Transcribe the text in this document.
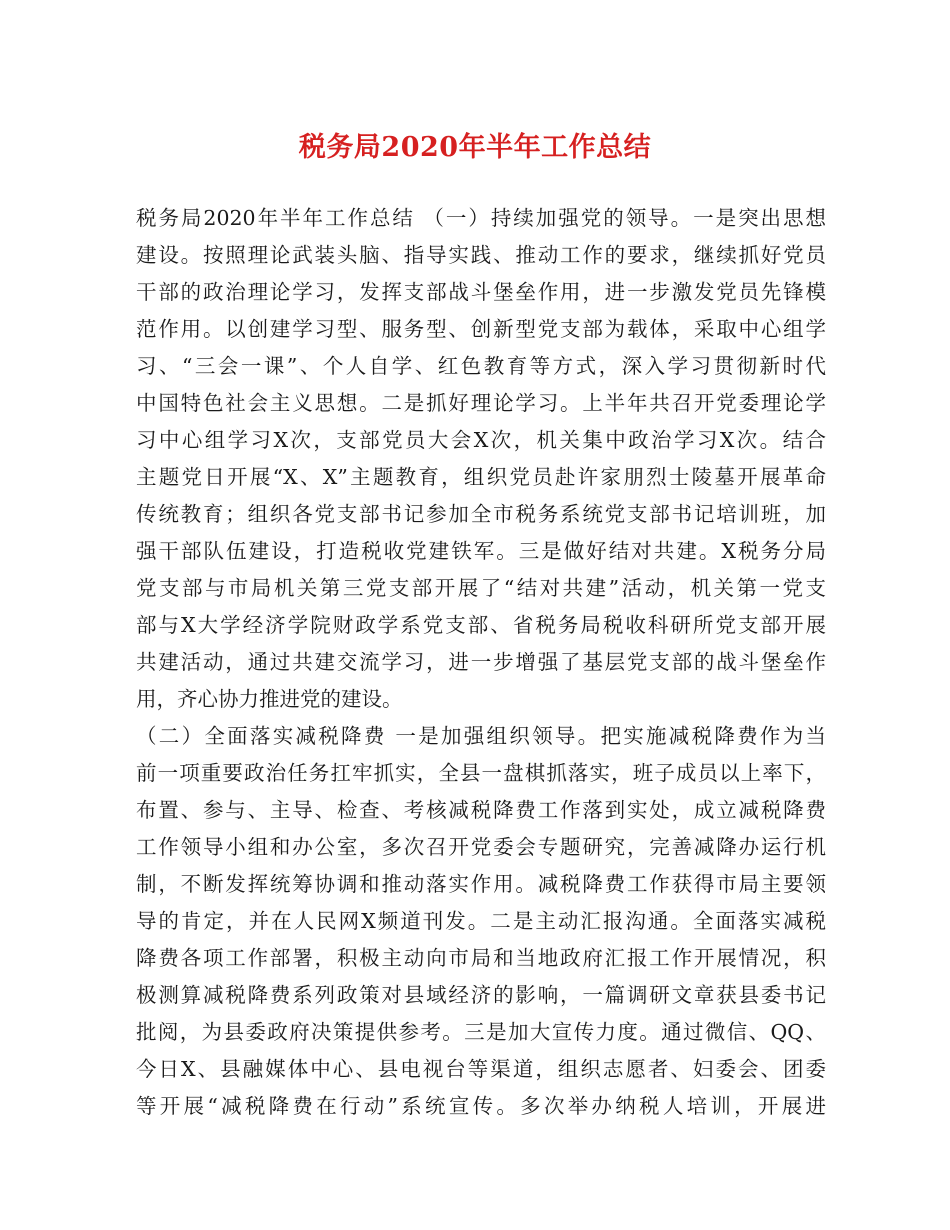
税务局2020年半年工作总结
税务局2020年半年工作总结 （一）持续加强党的领导。一是突出思想
建设。按照理论武装头脑、指导实践、推动工作的要求，继续抓好党员
干部的政治理论学习，发挥支部战斗堡垒作用，进一步激发党员先锋模
范作用。以创建学习型、服务型、创新型党支部为载体，采取中心组学
习、“三会一课”、个人自学、红色教育等方式，深入学习贯彻新时代
中国特色社会主义思想。二是抓好理论学习。上半年共召开党委理论学
习中心组学习X次，支部党员大会X次，机关集中政治学习X次。结合
主题党日开展“X、X”主题教育，组织党员赴许家朋烈士陵墓开展革命
传统教育；组织各党支部书记参加全市税务系统党支部书记培训班，加
强干部队伍建设，打造税收党建铁军。三是做好结对共建。X税务分局
党支部与市局机关第三党支部开展了“结对共建”活动，机关第一党支
部与X大学经济学院财政学系党支部、省税务局税收科研所党支部开展
共建活动，通过共建交流学习，进一步增强了基层党支部的战斗堡垒作
用，齐心协力推进党的建设。
（二）全面落实减税降费 一是加强组织领导。把实施减税降费作为当
前一项重要政治任务扛牢抓实，全县一盘棋抓落实，班子成员以上率下，
布置、参与、主导、检查、考核减税降费工作落到实处，成立减税降费
工作领导小组和办公室，多次召开党委会专题研究，完善减降办运行机
制，不断发挥统筹协调和推动落实作用。减税降费工作获得市局主要领
导的肯定，并在人民网X频道刊发。二是主动汇报沟通。全面落实减税
降费各项工作部署，积极主动向市局和当地政府汇报工作开展情况，积
极测算减税降费系列政策对县域经济的影响，一篇调研文章获县委书记
批阅，为县委政府决策提供参考。三是加大宣传力度。通过微信、QQ、
今日X、县融媒体中心、县电视台等渠道，组织志愿者、妇委会、团委
等开展“减税降费在行动”系统宣传。多次举办纳税人培训，开展进
